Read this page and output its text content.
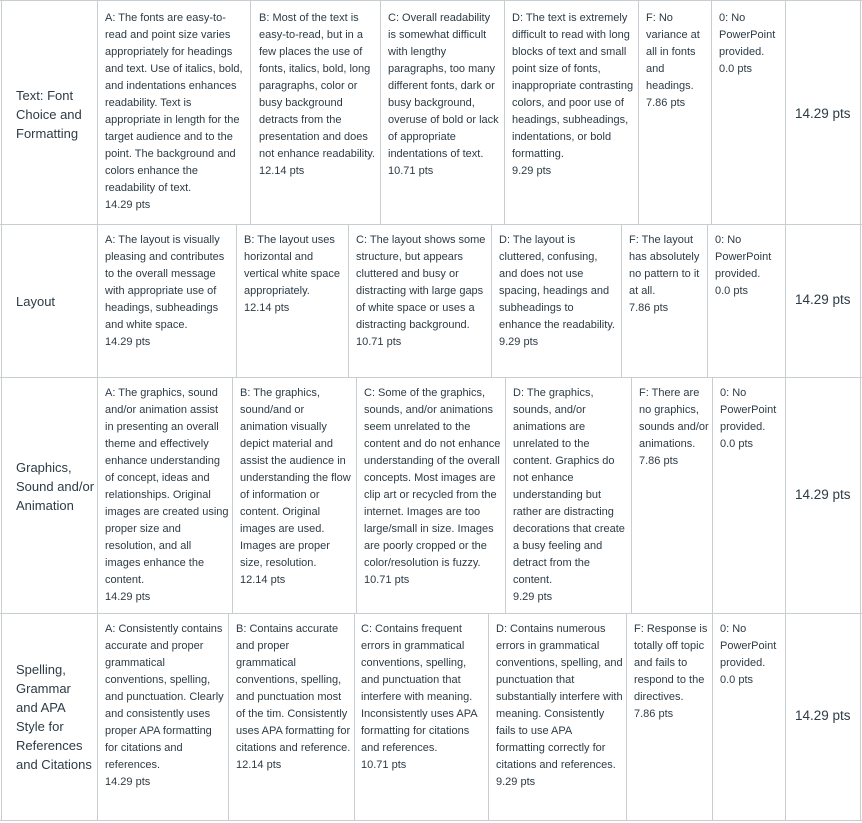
Text: Font Choice and Formatting
A: The fonts are easy-to-read and point size varies appropriately for headings and text. Use of italics, bold, and indentations enhances readability. Text is appropriate in length for the target audience and to the point. The background and colors enhance the readability of text.
14.29 pts
B: Most of the text is easy-to-read, but in a few places the use of fonts, italics, bold, long paragraphs, color or busy background detracts from the presentation and does not enhance readability.
12.14 pts
C: Overall readability is somewhat difficult with lengthy paragraphs, too many different fonts, dark or busy background, overuse of bold or lack of appropriate indentations of text.
10.71 pts
D: The text is extremely difficult to read with long blocks of text and small point size of fonts, inappropriate contrasting colors, and poor use of headings, subheadings, indentations, or bold formatting.
9.29 pts
F: No variance at all in fonts and headings.
7.86 pts
0: No PowerPoint provided.
0.0 pts
14.29 pts
Layout
A: The layout is visually pleasing and contributes to the overall message with appropriate use of headings, subheadings and white space.
14.29 pts
B: The layout uses horizontal and vertical white space appropriately.
12.14 pts
C: The layout shows some structure, but appears cluttered and busy or distracting with large gaps of white space or uses a distracting background.
10.71 pts
D: The layout is cluttered, confusing, and does not use spacing, headings and subheadings to enhance the readability.
9.29 pts
F: The layout has absolutely no pattern to it at all.
7.86 pts
0: No PowerPoint provided.
0.0 pts
14.29 pts
Graphics, Sound and/or Animation
A: The graphics, sound and/or animation assist in presenting an overall theme and effectively enhance understanding of concept, ideas and relationships. Original images are created using proper size and resolution, and all images enhance the content.
14.29 pts
B: The graphics, sound/and or animation visually depict material and assist the audience in understanding the flow of information or content. Original images are used. Images are proper size, resolution.
12.14 pts
C: Some of the graphics, sounds, and/or animations seem unrelated to the content and do not enhance understanding of the overall concepts. Most images are clip art or recycled from the internet. Images are too large/small in size. Images are poorly cropped or the color/resolution is fuzzy.
10.71 pts
D: The graphics, sounds, and/or animations are unrelated to the content. Graphics do not enhance understanding but rather are distracting decorations that create a busy feeling and detract from the content.
9.29 pts
F: There are no graphics, sounds and/or animations.
7.86 pts
0: No PowerPoint provided.
0.0 pts
14.29 pts
Spelling, Grammar and APA Style for References and Citations
A: Consistently contains accurate and proper grammatical conventions, spelling, and punctuation. Clearly and consistently uses proper APA formatting for citations and references.
14.29 pts
B: Contains accurate and proper grammatical conventions, spelling, and punctuation most of the tim. Consistently uses APA formatting for citations and reference.
12.14 pts
C: Contains frequent errors in grammatical conventions, spelling, and punctuation that interfere with meaning. Inconsistently uses APA formatting for citations and references.
10.71 pts
D: Contains numerous errors in grammatical conventions, spelling, and punctuation that substantially interfere with meaning. Consistently fails to use APA formatting correctly for citations and references.
9.29 pts
F: Response is totally off topic and fails to respond to the directives.
7.86 pts
0: No PowerPoint provided.
0.0 pts
14.29 pts
